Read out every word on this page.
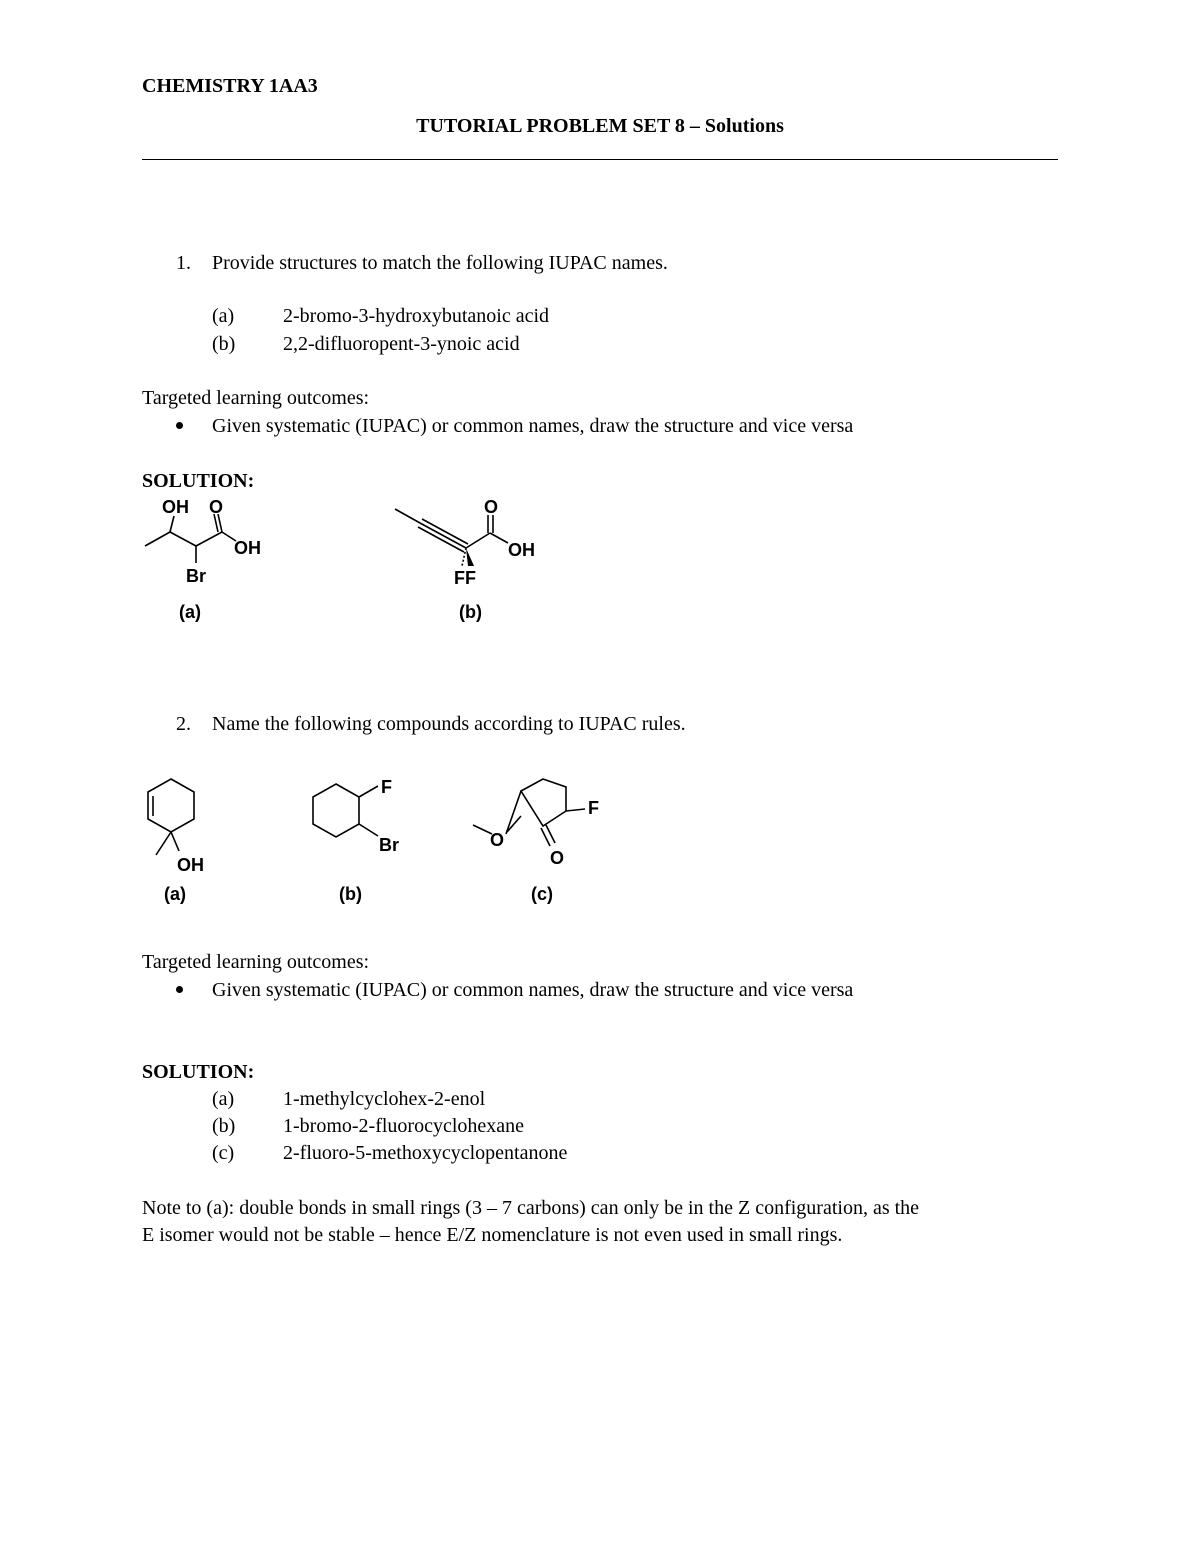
CHEMISTRY 1AA3
TUTORIAL PROBLEM SET 8 – Solutions
1. Provide structures to match the following IUPAC names.
(a) 2-bromo-3-hydroxybutanoic acid
(b) 2,2-difluoropent-3-ynoic acid
Targeted learning outcomes:
Given systematic (IUPAC) or common names, draw the structure and vice versa
SOLUTION:
OH O
OH
Br
(a)
O
OH
FF
(b)
2. Name the following compounds according to IUPAC rules.
OH
(a)
F
Br
(b)
F
O
O
(c)
Targeted learning outcomes:
Given systematic (IUPAC) or common names, draw the structure and vice versa
SOLUTION:
(a) 1-methylcyclohex-2-enol
(b) 1-bromo-2-fluorocyclohexane
(c) 2-fluoro-5-methoxycyclopentanone
Note to (a): double bonds in small rings (3 – 7 carbons) can only be in the Z configuration, as the
E isomer would not be stable – hence E/Z nomenclature is not even used in small rings.
